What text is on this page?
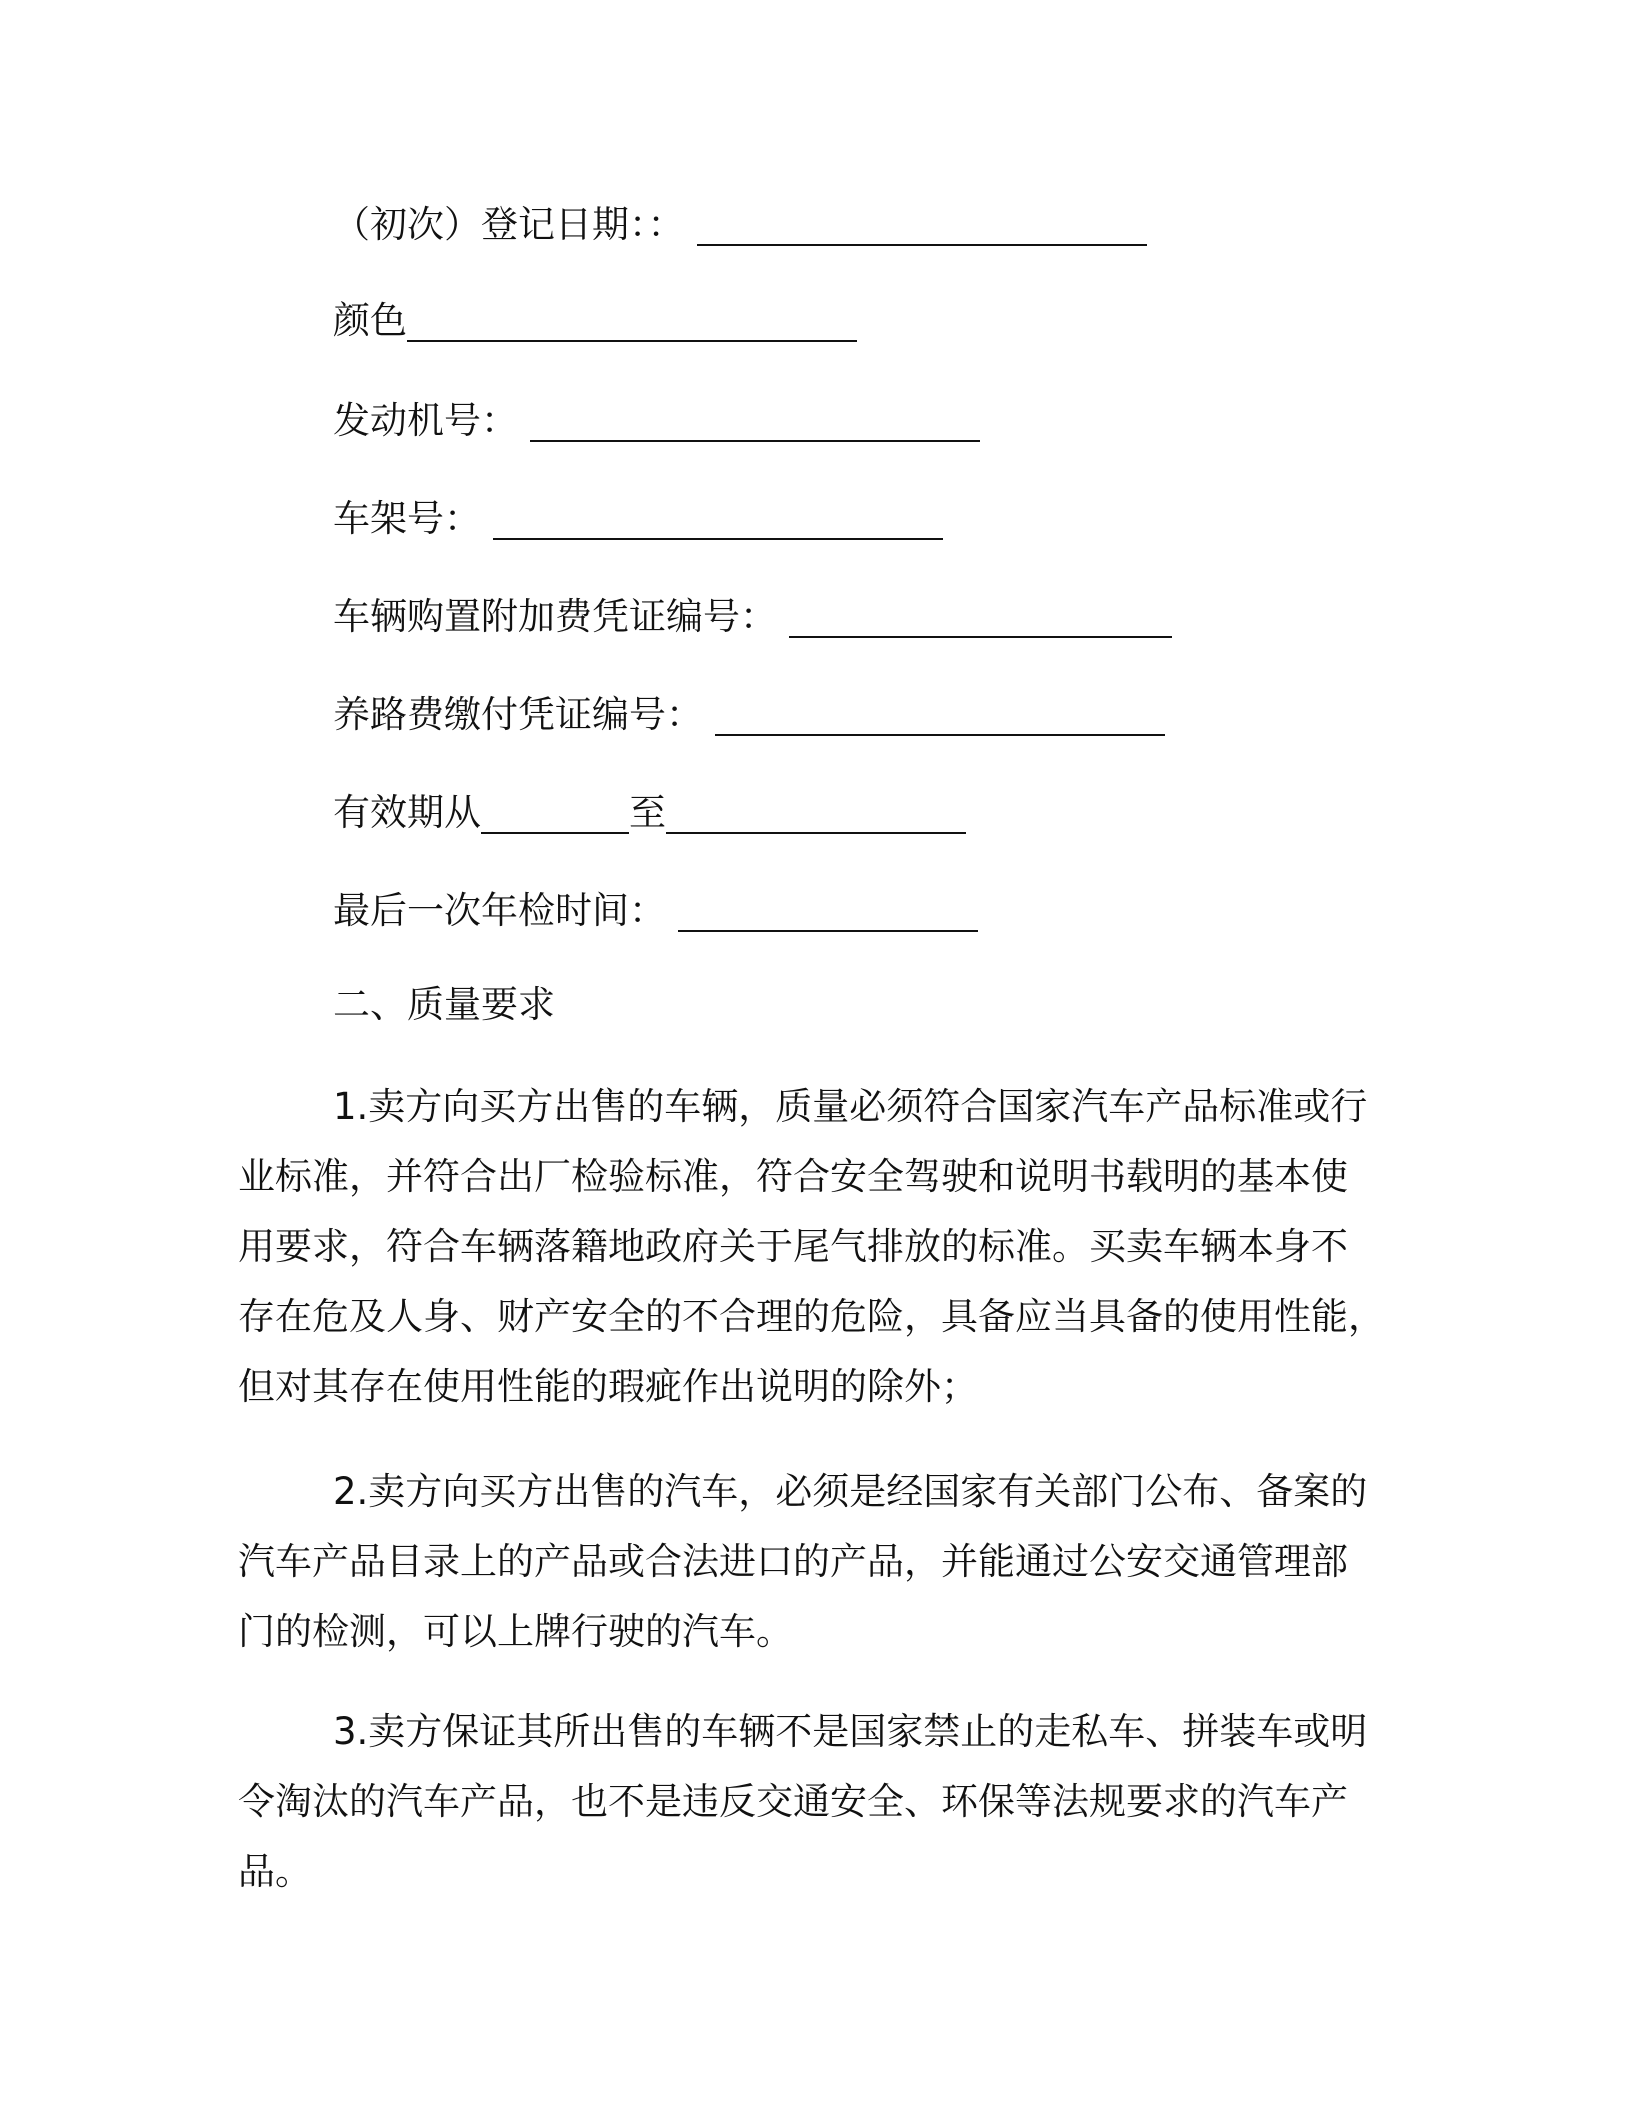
（初次）登记日期：：
颜色
发动机号：
车架号：
车辆购置附加费凭证编号：
养路费缴付凭证编号：
有效期从	至
最后一次年检时间：
二、质量要求
1.卖方向买方出售的车辆，质量必须符合国家汽车产品标准或行
业标准，并符合出厂检验标准，符合安全驾驶和说明书载明的基本使
用要求，符合车辆落籍地政府关于尾气排放的标准。买卖车辆本身不
存在危及人身、财产安全的不合理的危险，具备应当具备的使用性能，
但对其存在使用性能的瑕疵作出说明的除外；
2.卖方向买方出售的汽车，必须是经国家有关部门公布、备案的
汽车产品目录上的产品或合法进口的产品，并能通过公安交通管理部
门的检测，可以上牌行驶的汽车。
3.卖方保证其所出售的车辆不是国家禁止的走私车、拼装车或明
令淘汰的汽车产品，也不是违反交通安全、环保等法规要求的汽车产
品。
